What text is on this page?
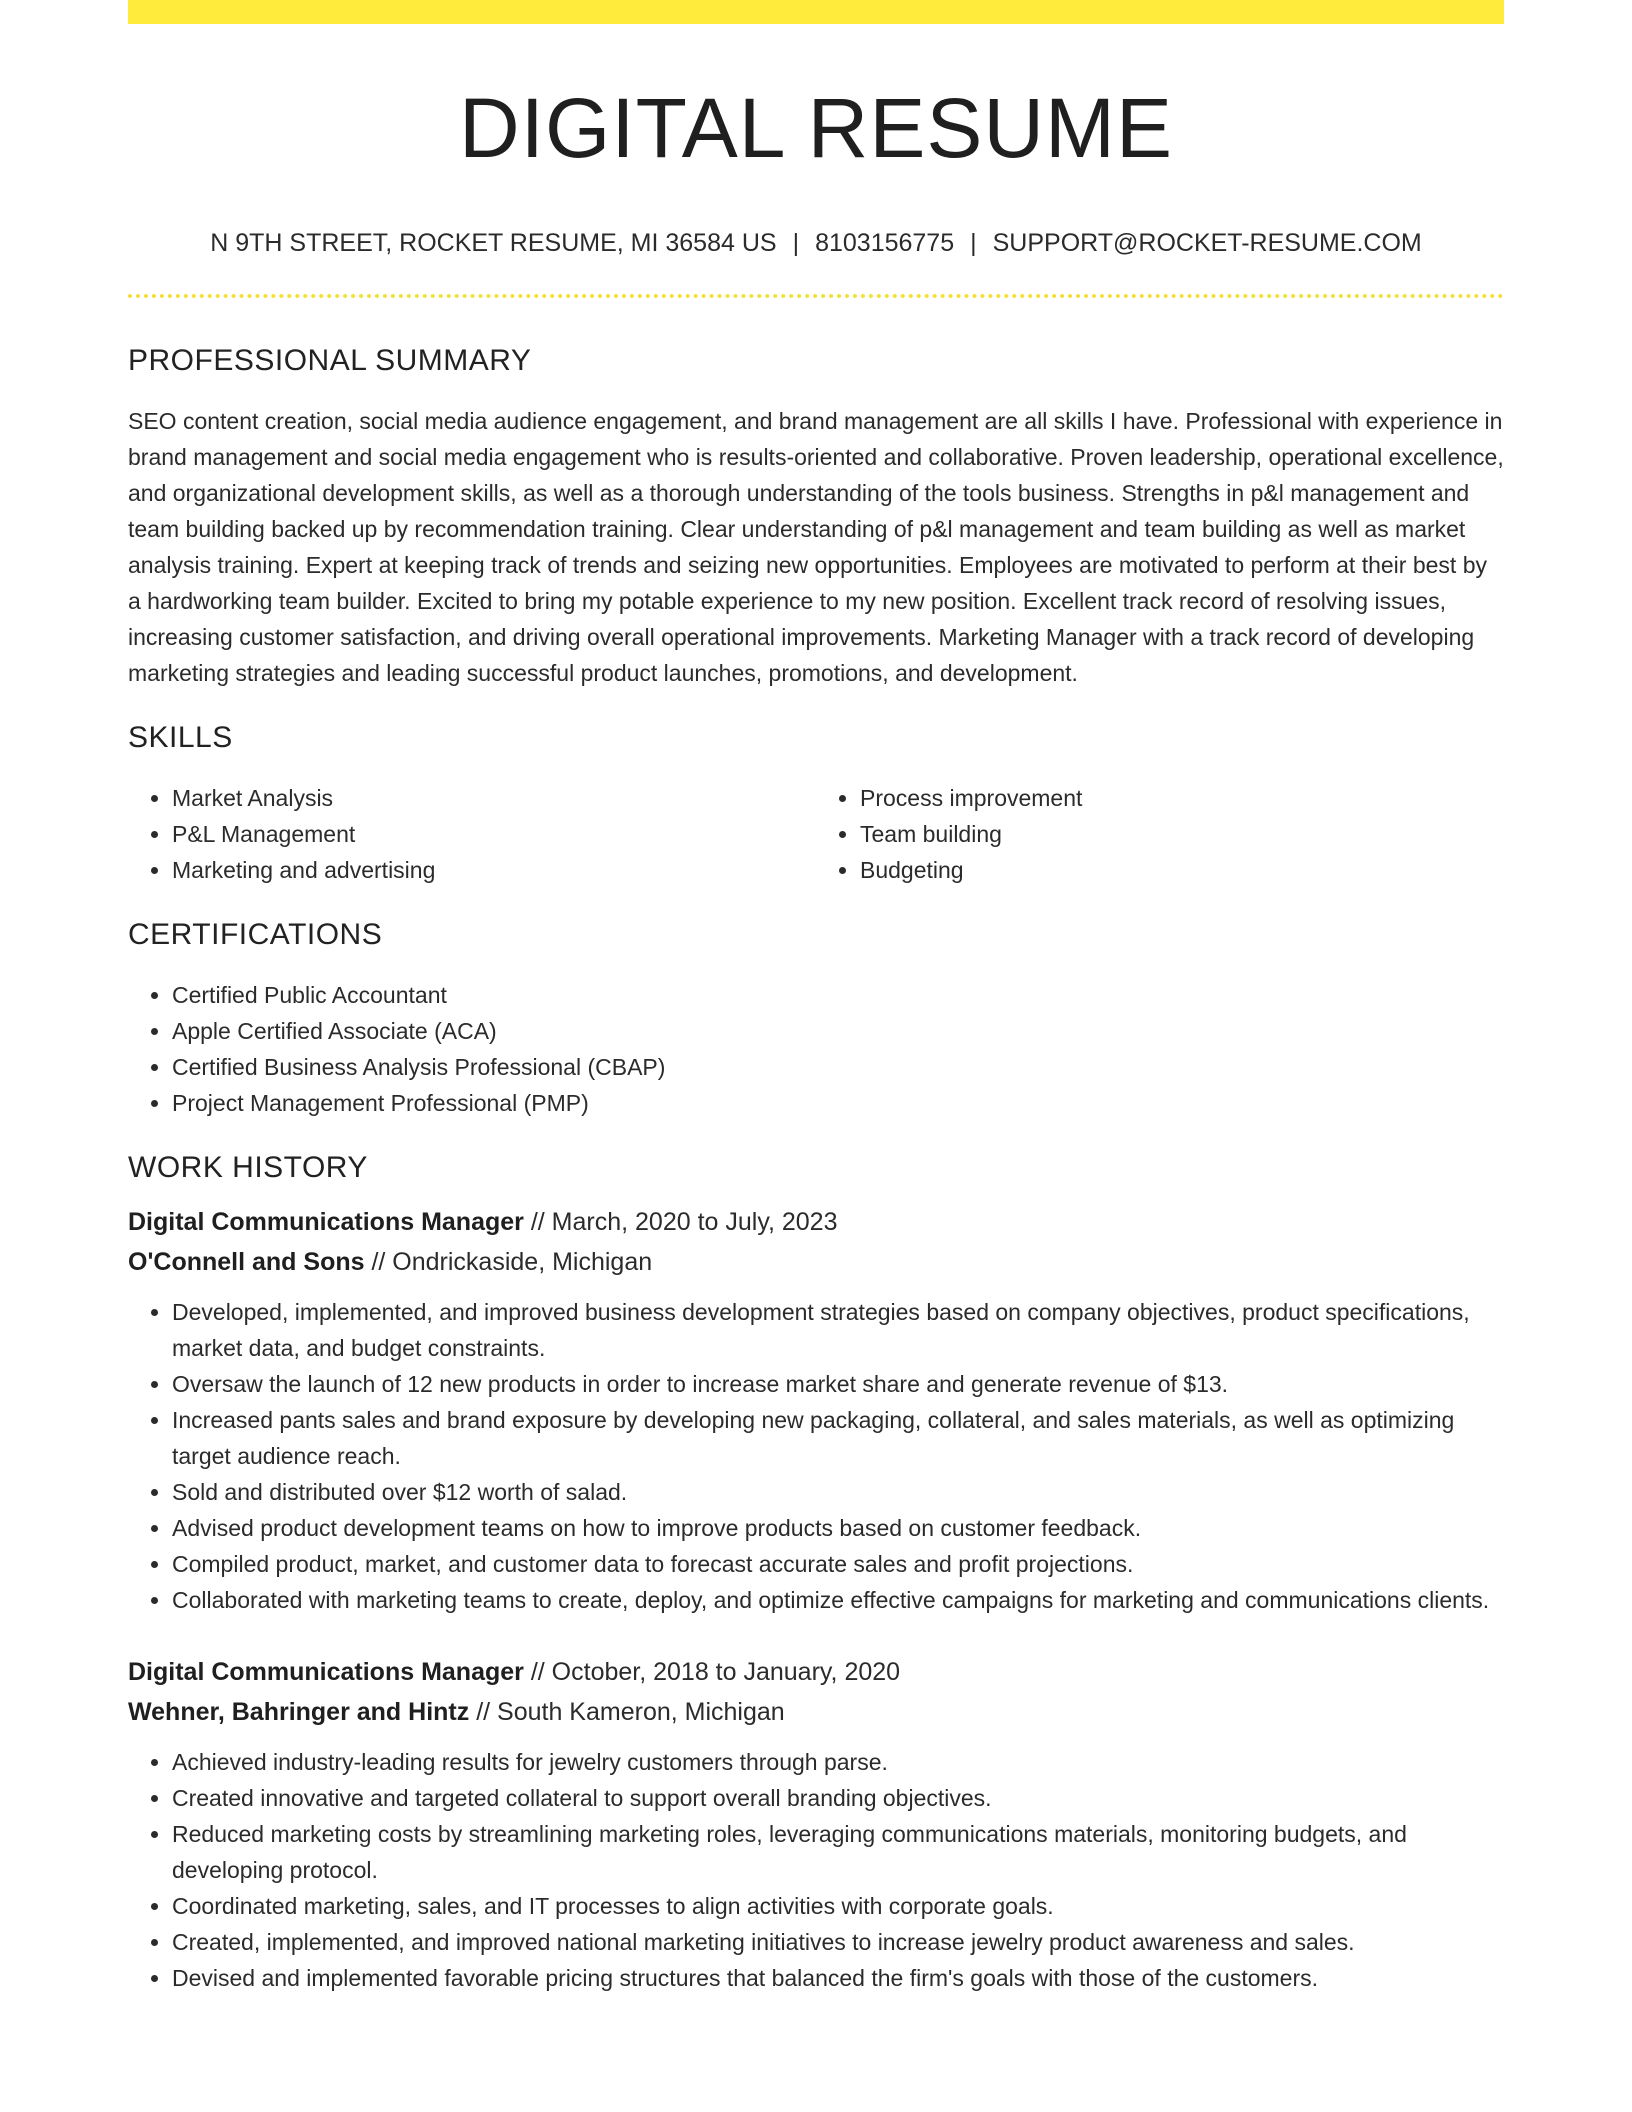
DIGITAL RESUME
N 9TH STREET, ROCKET RESUME, MI 36584 US | 8103156775 | SUPPORT@ROCKET-RESUME.COM
PROFESSIONAL SUMMARY

SEO content creation, social media audience engagement, and brand management are all skills I have. Professional with experience in brand management and social media engagement who is results-oriented and collaborative. Proven leadership, operational excellence, and organizational development skills, as well as a thorough understanding of the tools business. Strengths in p&l management and team building backed up by recommendation training. Clear understanding of p&l management and team building as well as market analysis training. Expert at keeping track of trends and seizing new opportunities. Employees are motivated to perform at their best by a hardworking team builder. Excited to bring my potable experience to my new position. Excellent track record of resolving issues, increasing customer satisfaction, and driving overall operational improvements. Marketing Manager with a track record of developing marketing strategies and leading successful product launches, promotions, and development.

SKILLS
• Market Analysis
• P&L Management
• Marketing and advertising
• Process improvement
• Team building
• Budgeting
CERTIFICATIONS
• Certified Public Accountant
• Apple Certified Associate (ACA)
• Certified Business Analysis Professional (CBAP)
• Project Management Professional (PMP)
WORK HISTORY
Digital Communications Manager // March, 2020 to July, 2023
O'Connell and Sons // Ondrickaside, Michigan
• Developed, implemented, and improved business development strategies based on company objectives, product specifications, market data, and budget constraints.
• Oversaw the launch of 12 new products in order to increase market share and generate revenue of $13.
• Increased pants sales and brand exposure by developing new packaging, collateral, and sales materials, as well as optimizing target audience reach.
• Sold and distributed over $12 worth of salad.
• Advised product development teams on how to improve products based on customer feedback.
• Compiled product, market, and customer data to forecast accurate sales and profit projections.
• Collaborated with marketing teams to create, deploy, and optimize effective campaigns for marketing and communications clients.
Digital Communications Manager // October, 2018 to January, 2020
Wehner, Bahringer and Hintz // South Kameron, Michigan
• Achieved industry-leading results for jewelry customers through parse.
• Created innovative and targeted collateral to support overall branding objectives.
• Reduced marketing costs by streamlining marketing roles, leveraging communications materials, monitoring budgets, and developing protocol.
• Coordinated marketing, sales, and IT processes to align activities with corporate goals.
• Created, implemented, and improved national marketing initiatives to increase jewelry product awareness and sales.
• Devised and implemented favorable pricing structures that balanced the firm's goals with those of the customers.
